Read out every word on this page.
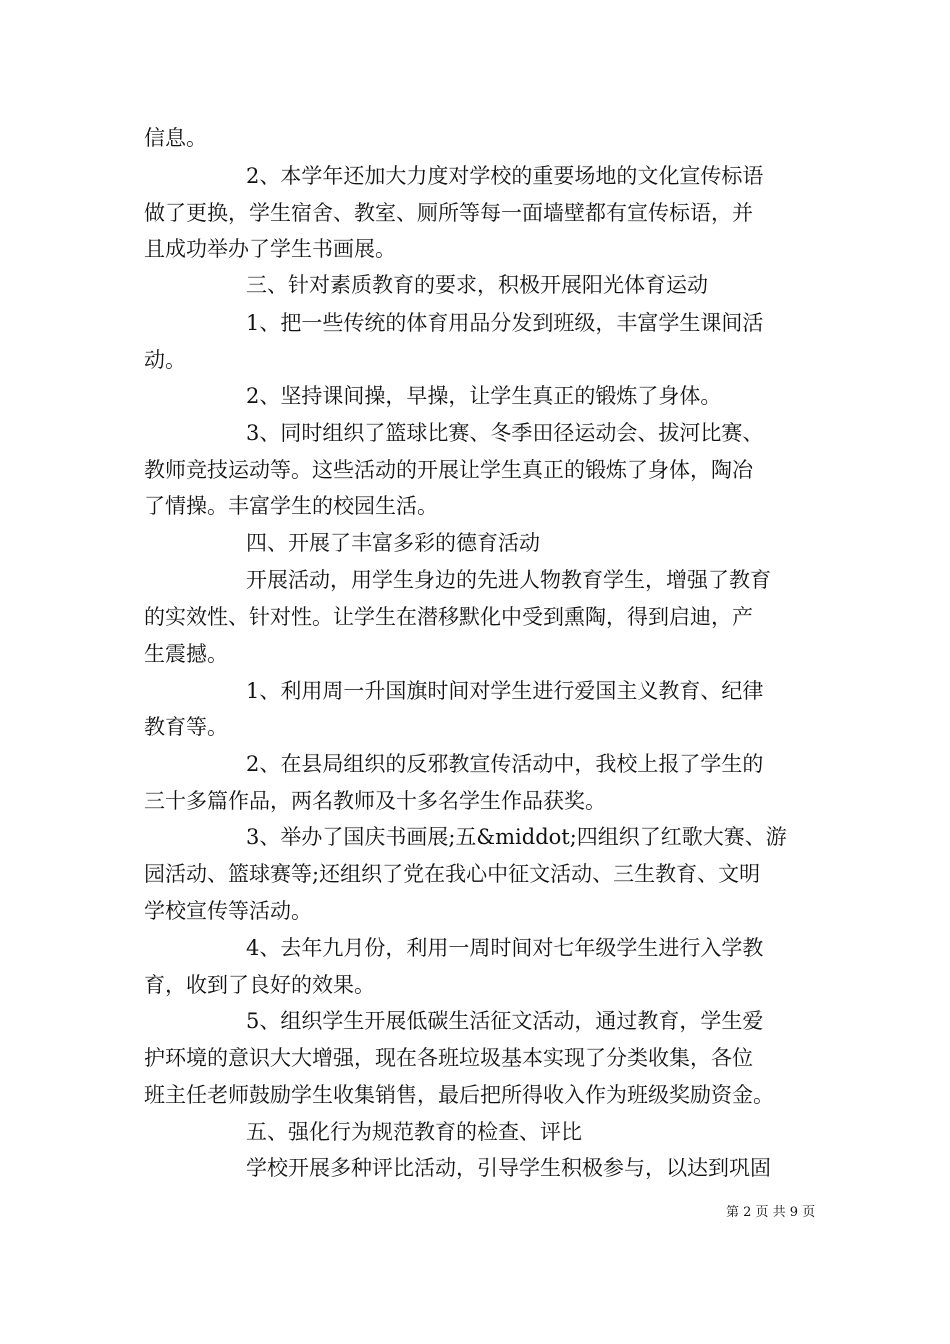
信息。
2、本学年还加大力度对学校的重要场地的文化宣传标语
做了更换，学生宿舍、教室、厕所等每一面墙壁都有宣传标语，并
且成功举办了学生书画展。
三、针对素质教育的要求，积极开展阳光体育运动
1、把一些传统的体育用品分发到班级，丰富学生课间活
动。
2、坚持课间操，早操，让学生真正的锻炼了身体。
3、同时组织了篮球比赛、冬季田径运动会、拔河比赛、
教师竞技运动等。这些活动的开展让学生真正的锻炼了身体，陶冶
了情操。丰富学生的校园生活。
四、开展了丰富多彩的德育活动
开展活动，用学生身边的先进人物教育学生，增强了教育
的实效性、针对性。让学生在潜移默化中受到熏陶，得到启迪，产
生震撼。
1、利用周一升国旗时间对学生进行爱国主义教育、纪律
教育等。
2、在县局组织的反邪教宣传活动中，我校上报了学生的
三十多篇作品，两名教师及十多名学生作品获奖。
3、举办了国庆书画展;五&middot;四组织了红歌大赛、游
园活动、篮球赛等;还组织了党在我心中征文活动、三生教育、文明
学校宣传等活动。
4、去年九月份，利用一周时间对七年级学生进行入学教
育，收到了良好的效果。
5、组织学生开展低碳生活征文活动，通过教育，学生爱
护环境的意识大大增强，现在各班垃圾基本实现了分类收集，各位
班主任老师鼓励学生收集销售，最后把所得收入作为班级奖励资金。
五、强化行为规范教育的检查、评比
学校开展多种评比活动，引导学生积极参与，以达到巩固
第 2 页 共 9 页
